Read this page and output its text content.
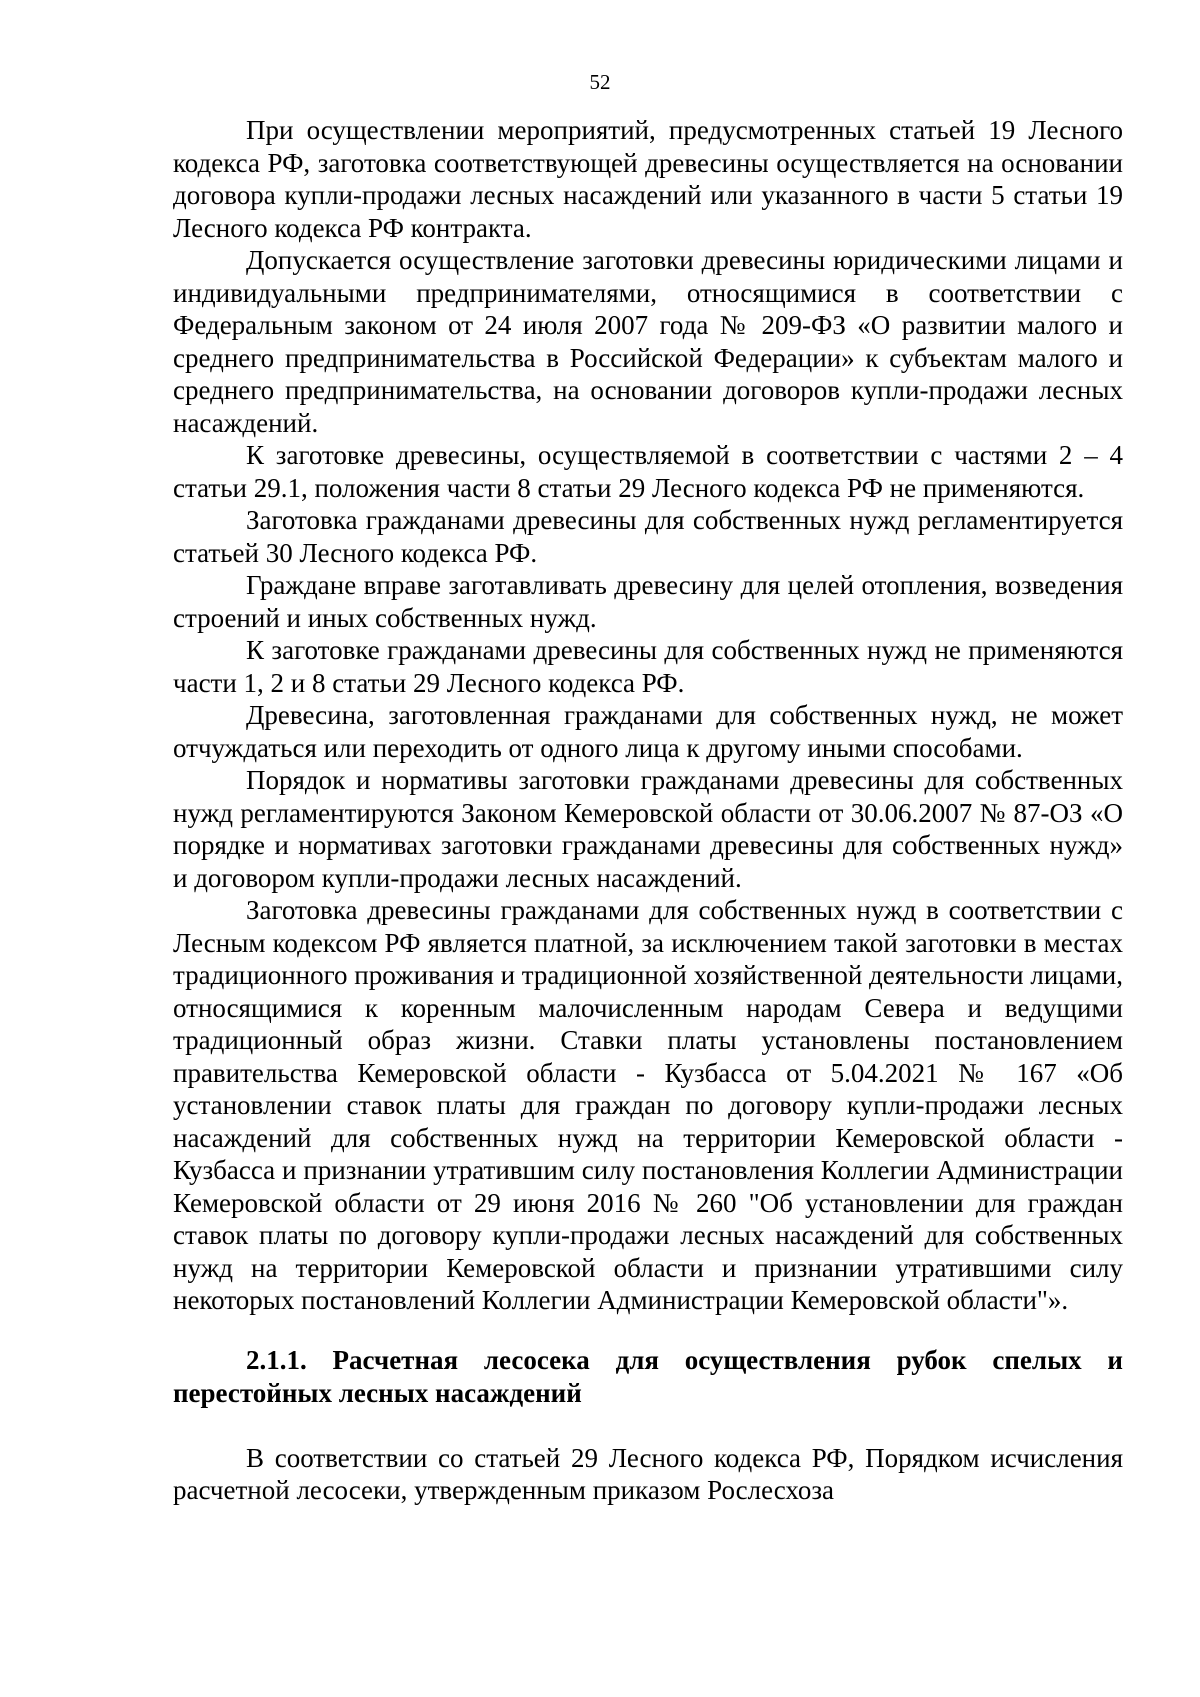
52

При осуществлении мероприятий, предусмотренных статьей 19 Лесного кодекса РФ, заготовка соответствующей древесины осуществляется на основании договора купли-продажи лесных насаждений или указанного в части 5 статьи 19 Лесного кодекса РФ контракта.

Допускается осуществление заготовки древесины юридическими лицами и индивидуальными предпринимателями, относящимися в соответствии с Федеральным законом от 24 июля 2007 года № 209-ФЗ «О развитии малого и среднего предпринимательства в Российской Федерации» к субъектам малого и среднего предпринимательства, на основании договоров купли-продажи лесных насаждений.

К заготовке древесины, осуществляемой в соответствии с частями 2 – 4 статьи 29.1, положения части 8 статьи 29 Лесного кодекса РФ не применяются.

Заготовка гражданами древесины для собственных нужд регламентируется статьей 30 Лесного кодекса РФ.

Граждане вправе заготавливать древесину для целей отопления, возведения строений и иных собственных нужд.

К заготовке гражданами древесины для собственных нужд не применяются части 1, 2 и 8 статьи 29 Лесного кодекса РФ.

Древесина, заготовленная гражданами для собственных нужд, не может отчуждаться или переходить от одного лица к другому иными способами.

Порядок и нормативы заготовки гражданами древесины для собственных нужд регламентируются Законом Кемеровской области от 30.06.2007 № 87-ОЗ «О порядке и нормативах заготовки гражданами древесины для собственных нужд» и договором купли-продажи лесных насаждений.

Заготовка древесины гражданами для собственных нужд в соответствии с Лесным кодексом РФ является платной, за исключением такой заготовки в местах традиционного проживания и традиционной хозяйственной деятельности лицами, относящимися к коренным малочисленным народам Севера и ведущими традиционный образ жизни. Ставки платы установлены постановлением правительства Кемеровской области - Кузбасса от 5.04.2021 № 167 «Об установлении ставок платы для граждан по договору купли-продажи лесных насаждений для собственных нужд на территории Кемеровской области - Кузбасса и признании утратившим силу постановления Коллегии Администрации Кемеровской области от 29 июня 2016 № 260 "Об установлении для граждан ставок платы по договору купли-продажи лесных насаждений для собственных нужд на территории Кемеровской области и признании утратившими силу некоторых постановлений Коллегии Администрации Кемеровской области"».

2.1.1. Расчетная лесосека для осуществления рубок спелых и перестойных лесных насаждений

В соответствии со статьей 29 Лесного кодекса РФ, Порядком исчисления расчетной лесосеки, утвержденным приказом Рослесхоза
